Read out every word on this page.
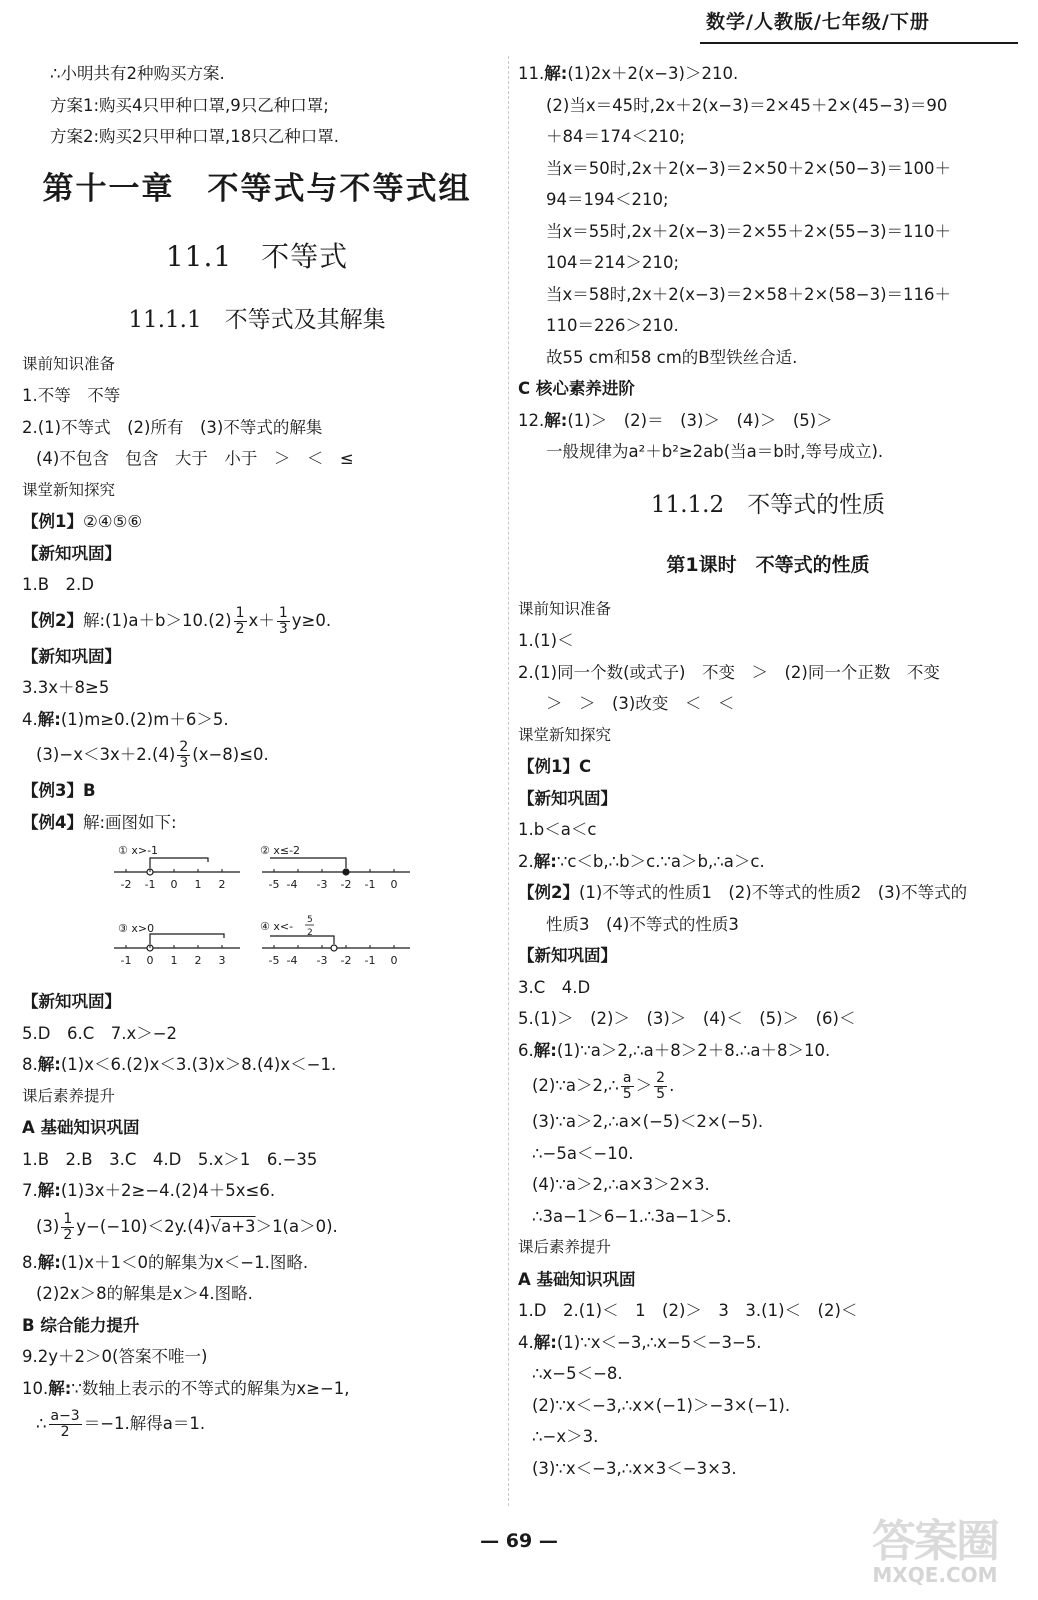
数学/人教版/七年级/下册
∴小明共有2种购买方案.
方案1:购买4只甲种口罩,9只乙种口罩;
方案2:购买2只甲种口罩,18只乙种口罩.
第十一章　不等式与不等式组
11.1　不等式
11.1.1　不等式及其解集
课前知识准备
1.不等　不等
2.(1)不等式　(2)所有　(3)不等式的解集
(4)不包含　包含　大于　小于　＞　＜　≤
课堂新知探究
【例1】②④⑤⑥
【新知巩固】
1.B　2.D
【例2】解:(1)a＋b＞10.(2) $\frac{1}{2} x+ \frac{1}{3} y\ge 0$.
【新知巩固】
3.3x＋8≥5
4.解:(1)m≥0.(2)m＋6＞5.
$(3)-x<3x+2.(4) \frac{2}{3} (x-8)\le 0$.
【例3】B
【例4】解:画图如下:
① x>-1
-2 -1 0 1 2
② x≤-2
-5 -4 -3 -2 -1 0
③ x>0
-1 0 1 2 3
④ x<- 5
2
-5 -4 -3 -2 -1 0
【新知巩固】
5.D　6.C　7.x＞−2
8.解:(1)x＜6.(2)x＜3.(3)x＞8.(4)x＜−1.
课后素养提升
A 基础知识巩固
1.B　2.B　3.C　4.D　5.x＞1　6.−35
7.解:(1)3x＋2≥−4.(2)4＋5x≤6.
$(3) \frac{1}{2} y-(-10)<2y.(4)√a+3>1(a>0)$.
8.解:(1)x＋1＜0的解集为x＜−1.图略.
(2)2x＞8的解集是x＞4.图略.
B 综合能力提升
9.2y＋2＞0(答案不唯一)
10.解:∵数轴上表示的不等式的解集为x≥−1,
∴ $\frac{a-3}{2} =-1$.解得a＝1.
11.解:(1)2x＋2(x−3)＞210.
(2)当x＝45时,2x＋2(x−3)＝2×45＋2×(45−3)＝90
＋84＝174＜210;
当x＝50时,2x＋2(x−3)＝2×50＋2×(50−3)＝100＋
94＝194＜210;
当x＝55时,2x＋2(x−3)＝2×55＋2×(55−3)＝110＋
104＝214＞210;
当x＝58时,2x＋2(x−3)＝2×58＋2×(58−3)＝116＋
110＝226＞210.
故55 cm和58 cm的B型铁丝合适.
C 核心素养进阶
12.解:(1)＞　(2)＝　(3)＞　(4)＞　(5)＞
一般规律为a²＋b²≥2ab(当a＝b时,等号成立).
11.1.2　不等式的性质
第1课时　不等式的性质
课前知识准备
1.(1)＜
2.(1)同一个数(或式子)　不变　＞　(2)同一个正数　不变
＞　＞　(3)改变　＜　＜
课堂新知探究
【例1】C
【新知巩固】
1.b＜a＜c
2.解:∵c＜b,∴b＞c.∵a＞b,∴a＞c.
【例2】(1)不等式的性质1　(2)不等式的性质2　(3)不等式的
性质3　(4)不等式的性质3
【新知巩固】
3.C　4.D
5.(1)＞　(2)＞　(3)＞　(4)＜　(5)＞　(6)＜
6.解:(1)∵a＞2,∴a＋8＞2＋8.∴a＋8＞10.
(2)∵a＞2,∴ $\frac{a}{5} > \frac{2}{5}$ .
(3)∵a＞2,∴a×(−5)＜2×(−5).
∴−5a＜−10.
(4)∵a＞2,∴a×3＞2×3.
∴3a−1＞6−1.∴3a−1＞5.
课后素养提升
A 基础知识巩固
1.D　2.(1)＜　1　(2)＞　3　3.(1)＜　(2)＜
4.解:(1)∵x＜−3,∴x−5＜−3−5.
∴x−5＜−8.
(2)∵x＜−3,∴x×(−1)＞−3×(−1).
∴−x＞3.
(3)∵x＜−3,∴x×3＜−3×3.
— 69 —	答案圈
MXQE.COM
